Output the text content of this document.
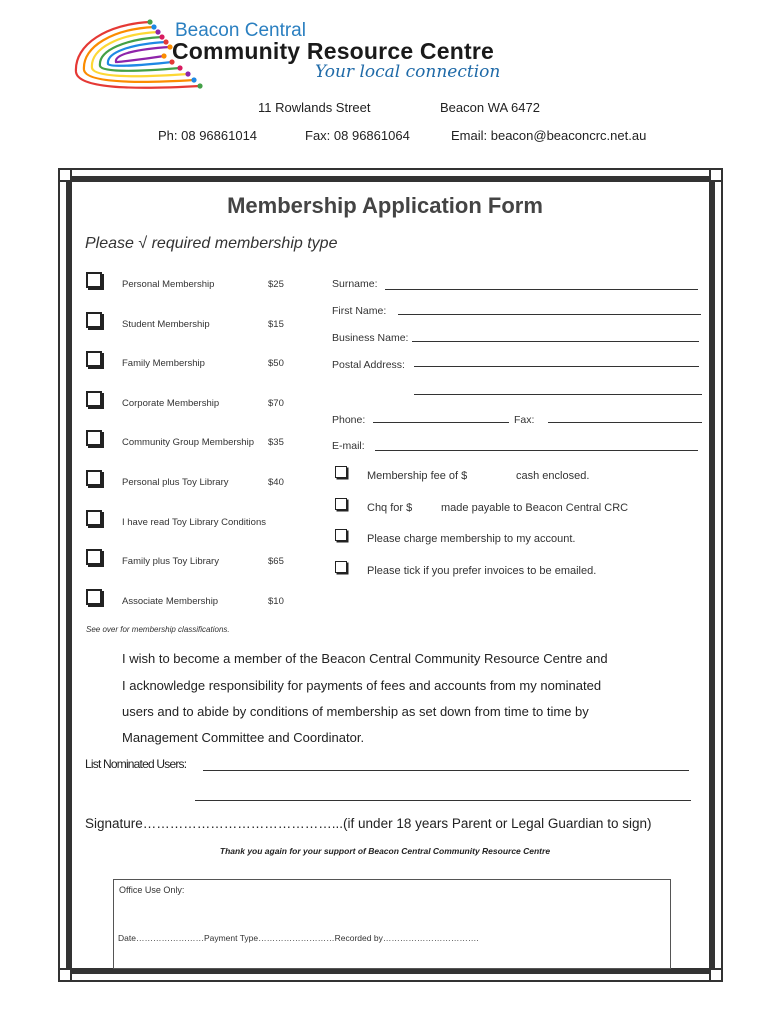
Beacon Central
Community Resource Centre
Your local connection
11 Rowlands Street	Beacon WA 6472
Ph: 08 96861014	Fax: 08 96861064	Email: beacon@beaconcrc.net.au
Membership Application Form
Please √ required membership type
Personal Membership	$25
Student Membership	$15
Family Membership	$50
Corporate Membership	$70
Community Group Membership $35
Personal plus Toy Library	$40
I have read Toy Library Conditions
Family plus Toy Library	$65
Associate Membership	$10
Surname:
First Name:
Business Name:
Postal Address:
Phone:	Fax:
E-mail:
Membership fee of $	cash enclosed.
Chq for $	made payable to Beacon Central CRC
Please charge membership to my account.
Please tick if you prefer invoices to be emailed.
See over for membership classifications.
I wish to become a member of the Beacon Central Community Resource Centre and
I acknowledge responsibility for payments of fees and accounts from my nominated
users and to abide by conditions of membership as set down from time to time by
Management Committee and Coordinator.
List Nominated Users:
Signature……………………………………...(if under 18 years Parent or Legal Guardian to sign)
Thank you again for your support of Beacon Central Community Resource Centre
Office Use Only:
Date……………………Payment Type………………………Recorded by…………………………….
